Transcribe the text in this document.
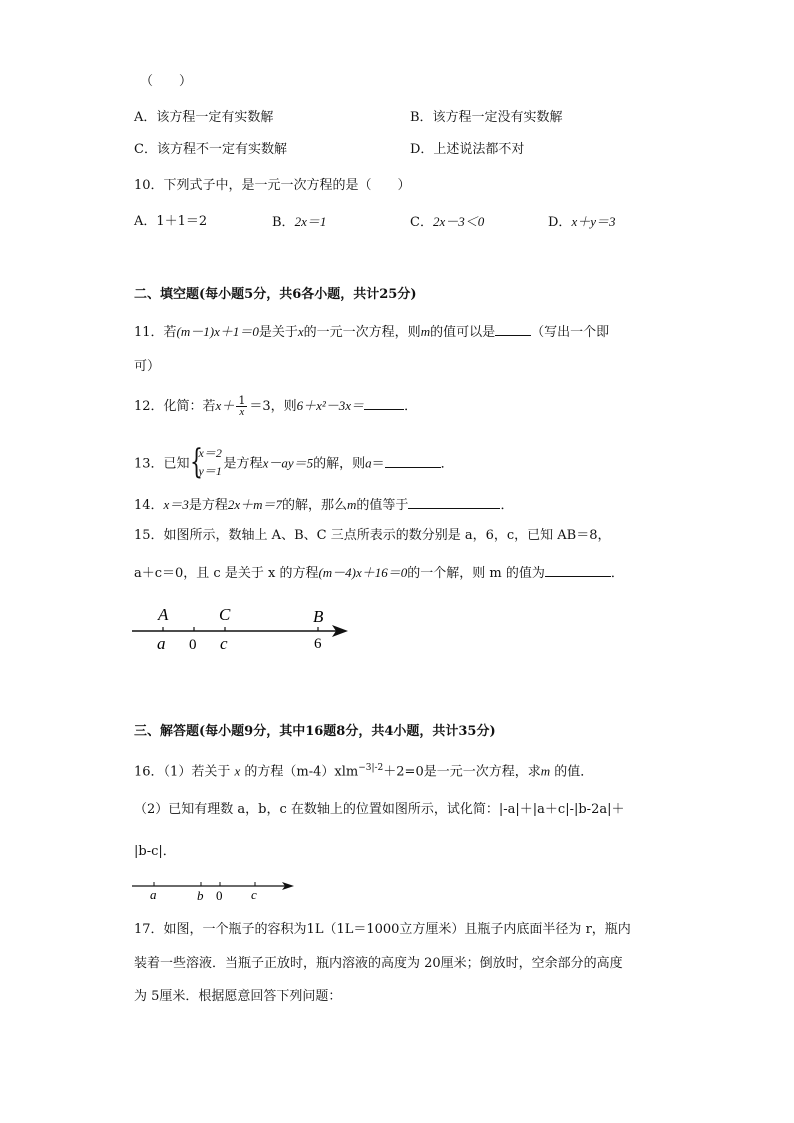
（　　）
A．该方程一定有实数解	B．该方程一定没有实数解
C．该方程不一定有实数解	D．上述说法都不对
10．下列式子中，是一元一次方程的是（　　）
A．1＋1＝2	B．2x＝1	C．2x－3＜0	D．x＋y＝3
二、填空题(每小题5分，共6各小题，共计25分)
11．若(m－1)x＋1＝0是关于x的一元一次方程，则m的值可以是	（写出一个即
可）
12．化简：若$x+ \frac{1}{x} =3$，则6＋x²－3x＝	．
13．已知 {
x＝2
y＝1 是方程x－ay＝5的解，则a＝	．
14．x＝3是方程2x＋m＝7的解，那么m的值等于	．
15．如图所示，数轴上 A、B、C 三点所表示的数分别是 a，6，c，已知 AB＝8，
a＋c＝0，且 c 是关于 x 的方程(m－4)x＋16＝0的一个解，则 m 的值为	．
A	C	B
a 0 c	6
三、解答题(每小题9分，其中16题8分，共4小题，共计35分)
16．（1）若关于 x 的方程（m-4）xlm$^{-3|-2}$＋2=0是一元一次方程，求m 的值．
（2）已知有理数 a，b，c 在数轴上的位置如图所示，试化简：|-a|＋|a＋c|-|b-2a|＋
|b-c|．
a	b 0 c
17．如图，一个瓶子的容积为1L（1L＝1000立方厘米）且瓶子内底面半径为 r，瓶内
装着一些溶液．当瓶子正放时，瓶内溶液的高度为 20厘米；倒放时，空余部分的高度
为 5厘米．根据愿意回答下列问题：
